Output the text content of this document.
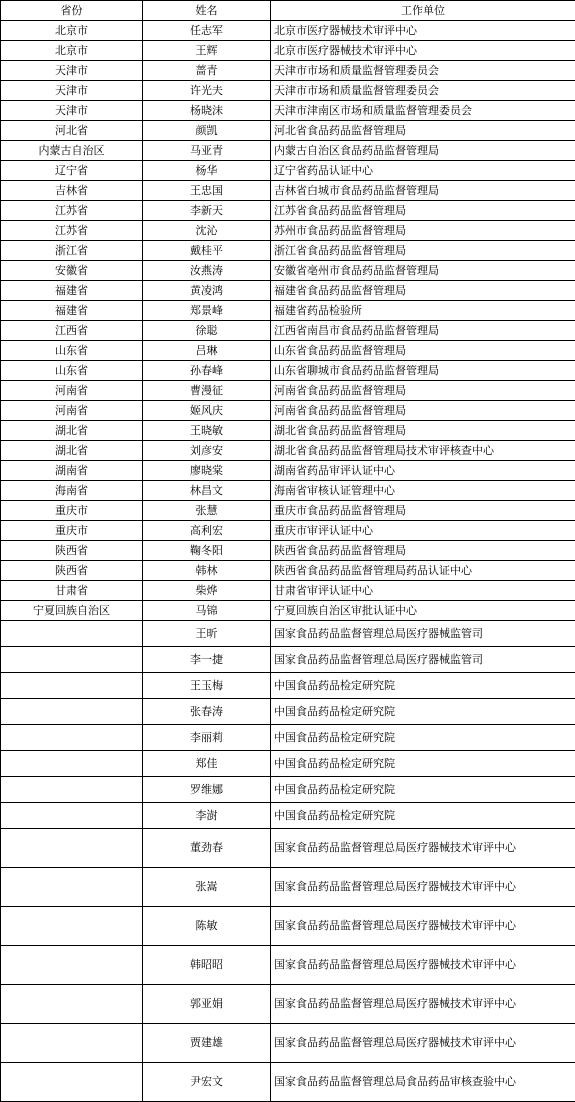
省份	姓名	工作单位
北京市	任志军	北京市医疗器械技术审评中心
北京市	王辉	北京市医疗器械技术审评中心
天津市	蔷青	天津市市场和质量监督管理委员会
天津市	许光夫	天津市市场和质量监督管理委员会
天津市	杨晓沫	天津市津南区市场和质量监督管理委员会
河北省	颜凯	河北省食品药品监督管理局
内蒙古自治区	马亚青	内蒙古自治区食品药品监督管理局
辽宁省	杨华	辽宁省药品认证中心
吉林省	王忠国	吉林省白城市食品药品监督管理局
江苏省	李新天	江苏省食品药品监督管理局
江苏省	沈沁	苏州市食品药品监督管理局
浙江省	戴桂平	浙江省食品药品监督管理局
安徽省	汝燕涛	安徽省亳州市食品药品监督管理局
福建省	黄凌鸿	福建省食品药品监督管理局
福建省	郑景峰	福建省药品检验所
江西省	徐聪	江西省南昌市食品药品监督管理局
山东省	吕琳	山东省食品药品监督管理局
山东省	孙春峰	山东省聊城市食品药品监督管理局
河南省	曹漫征	河南省食品药品监督管理局
河南省	姬风庆	河南省食品药品监督管理局
湖北省	王晓敏	湖北省食品药品监督管理局
湖北省	刘彦安	湖北省食品药品监督管理局技术审评核查中心
湖南省	廖晓棠	湖南省药品审评认证中心
海南省	林昌文	海南省审核认证管理中心
重庆市	张慧	重庆市食品药品监督管理局
重庆市	高利宏	重庆市审评认证中心
陕西省	鞠冬阳	陕西省食品药品监督管理局
陕西省	韩林	陕西省食品药品监督管理局药品认证中心
甘肃省	柴烨	甘肃省审评认证中心
宁夏回族自治区	马锦	宁夏回族自治区审批认证中心
	王昕	国家食品药品监督管理总局医疗器械监管司
	李一捷	国家食品药品监督管理总局医疗器械监管司
	王玉梅	中国食品药品检定研究院
	张春涛	中国食品药品检定研究院
	李丽莉	中国食品药品检定研究院
	郑佳	中国食品药品检定研究院
	罗维娜	中国食品药品检定研究院
	李澍	中国食品药品检定研究院
	董劲春	国家食品药品监督管理总局医疗器械技术审评中心
	张嵩	国家食品药品监督管理总局医疗器械技术审评中心
	陈敏	国家食品药品监督管理总局医疗器械技术审评中心
	韩昭昭	国家食品药品监督管理总局医疗器械技术审评中心
	郭亚娟	国家食品药品监督管理总局医疗器械技术审评中心
	贾建雄	国家食品药品监督管理总局医疗器械技术审评中心
	尹宏文	国家食品药品监督管理总局食品药品审核查验中心
